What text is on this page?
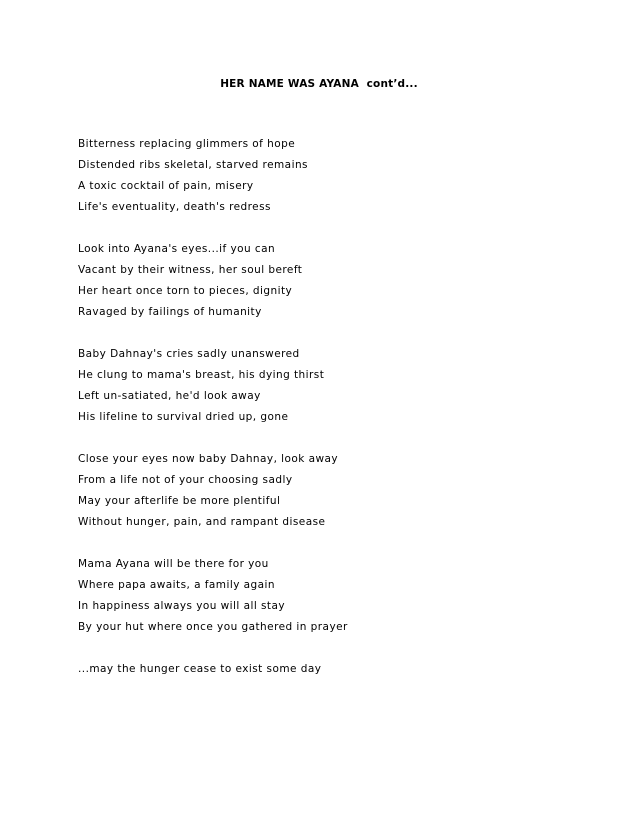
HER NAME WAS AYANA  cont’d...
Bitterness replacing glimmers of hope
Distended ribs skeletal, starved remains
A toxic cocktail of pain, misery
Life's eventuality, death's redress
Look into Ayana's eyes...if you can
Vacant by their witness, her soul bereft
Her heart once torn to pieces, dignity
Ravaged by failings of humanity
Baby Dahnay's cries sadly unanswered
He clung to mama's breast, his dying thirst
Left un-satiated, he'd look away
His lifeline to survival dried up, gone
Close your eyes now baby Dahnay, look away
From a life not of your choosing sadly
May your afterlife be more plentiful
Without hunger, pain, and rampant disease
Mama Ayana will be there for you
Where papa awaits, a family again
In happiness always you will all stay
By your hut where once you gathered in prayer
...may the hunger cease to exist some day
